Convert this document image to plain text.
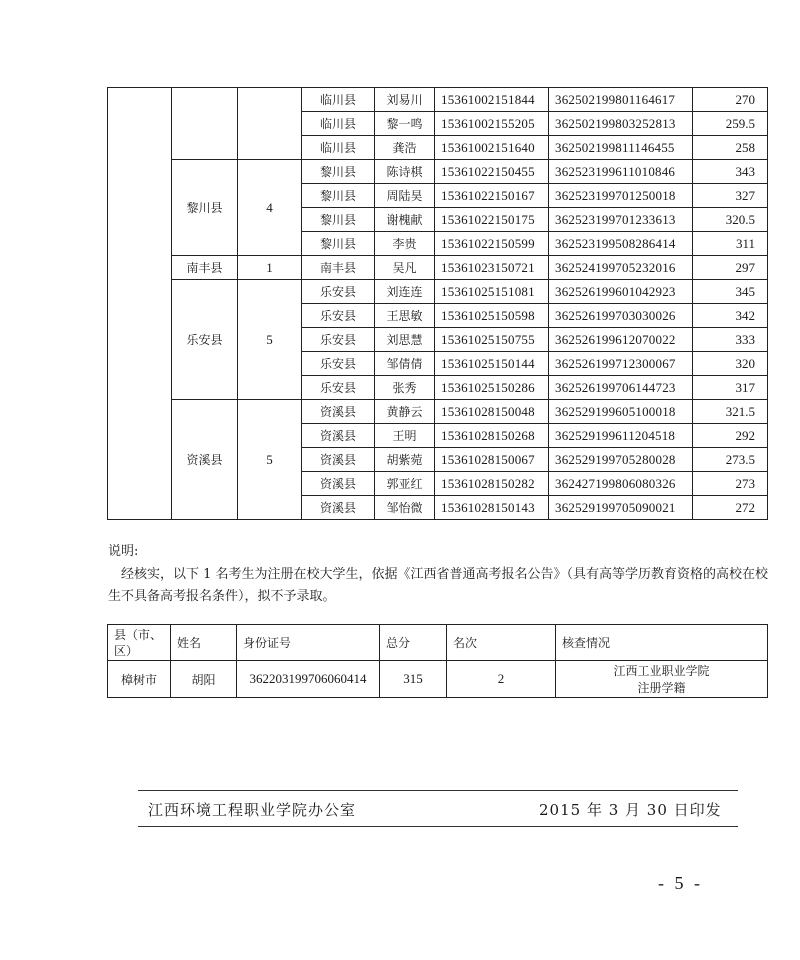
			临川县	刘易川	15361002151844	362502199801164617	270
			临川县	黎一鸣	15361002155205	362502199803252813	259.5
			临川县	龚浩	15361002151640	362502199811146455	258
	黎川县	4	黎川县	陈诗棋	15361022150455	362523199611010846	343
			黎川县	周陆昊	15361022150167	362523199701250018	327
			黎川县	谢槐献	15361022150175	362523199701233613	320.5
			黎川县	李贵	15361022150599	362523199508286414	311
	南丰县	1	南丰县	吴凡	15361023150721	362524199705232016	297
	乐安县	5	乐安县	刘连连	15361025151081	362526199601042923	345
			乐安县	王思敏	15361025150598	362526199703030026	342
			乐安县	刘思慧	15361025150755	362526199612070022	333
			乐安县	邹倩倩	15361025150144	362526199712300067	320
			乐安县	张秀	15361025150286	362526199706144723	317
	资溪县	5	资溪县	黄静云	15361028150048	362529199605100018	321.5
			资溪县	王明	15361028150268	362529199611204518	292
			资溪县	胡紫菀	15361028150067	362529199705280028	273.5
			资溪县	郭亚红	15361028150282	362427199806080326	273
			资溪县	邹怡微	15361028150143	362529199705090021	272
说明:
经核实，以下 1 名考生为注册在校大学生，依据《江西省普通高考报名公告》（具有高等学历教育资格的高校在校生不具备高考报名条件），拟不予录取。
县（市、区）	姓名	身份证号	总分	名次	核查情况
樟树市	胡阳	362203199706060414	315	2	江西工业职业学院
注册学籍
江西环境工程职业学院办公室	2015 年 3 月 30 日印发
- 5 -
